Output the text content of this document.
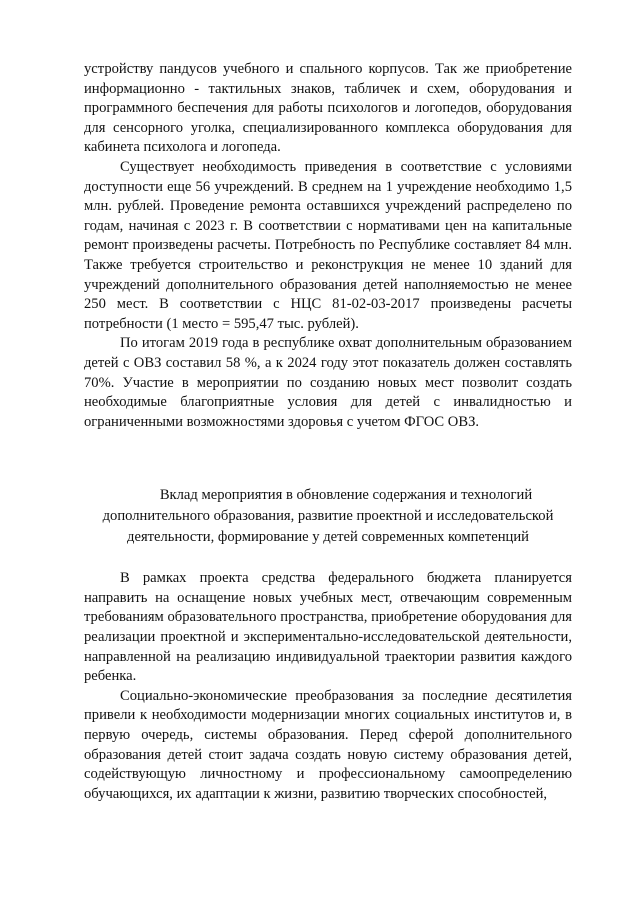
устройству пандусов учебного и спального корпусов. Так же приобретение информационно - тактильных знаков, табличек и схем, оборудования и программного беспечения для работы психологов и логопедов, оборудования для сенсорного уголка, специализированного комплекса оборудования для кабинета психолога и логопеда.

Существует необходимость приведения в соответствие с условиями доступности еще 56 учреждений. В среднем на 1 учреждение необходимо 1,5 млн. рублей. Проведение ремонта оставшихся учреждений распределено по годам, начиная с 2023 г. В соответствии с нормативами цен на капитальные ремонт произведены расчеты. Потребность по Республике составляет 84 млн. Также требуется строительство и реконструкция не менее 10 зданий для учреждений дополнительного образования детей наполняемостью не менее 250 мест. В соответствии с НЦС 81-02-03-2017 произведены расчеты потребности (1 место = 595,47 тыс. рублей).

По итогам 2019 года в республике охват дополнительным образованием детей с ОВЗ составил 58 %, а к 2024 году этот показатель должен составлять 70%. Участие в мероприятии по созданию новых мест позволит создать необходимые благоприятные условия для детей с инвалидностью и ограниченными возможностями здоровья с учетом ФГОС ОВЗ.

Вклад мероприятия в обновление содержания и технологий
дополнительного образования, развитие проектной и исследовательской деятельности, формирование у детей современных компетенций

В рамках проекта средства федерального бюджета планируется направить на оснащение новых учебных мест, отвечающим современным требованиям образовательного пространства, приобретение оборудования для реализации проектной и экспериментально-исследовательской деятельности, направленной на реализацию индивидуальной траектории развития каждого ребенка.

Социально-экономические преобразования за последние десятилетия привели к необходимости модернизации многих социальных институтов и, в первую очередь, системы образования. Перед сферой дополнительного образования детей стоит задача создать новую систему образования детей, содействующую личностному и профессиональному самоопределению обучающихся, их адаптации к жизни, развитию творческих способностей,
